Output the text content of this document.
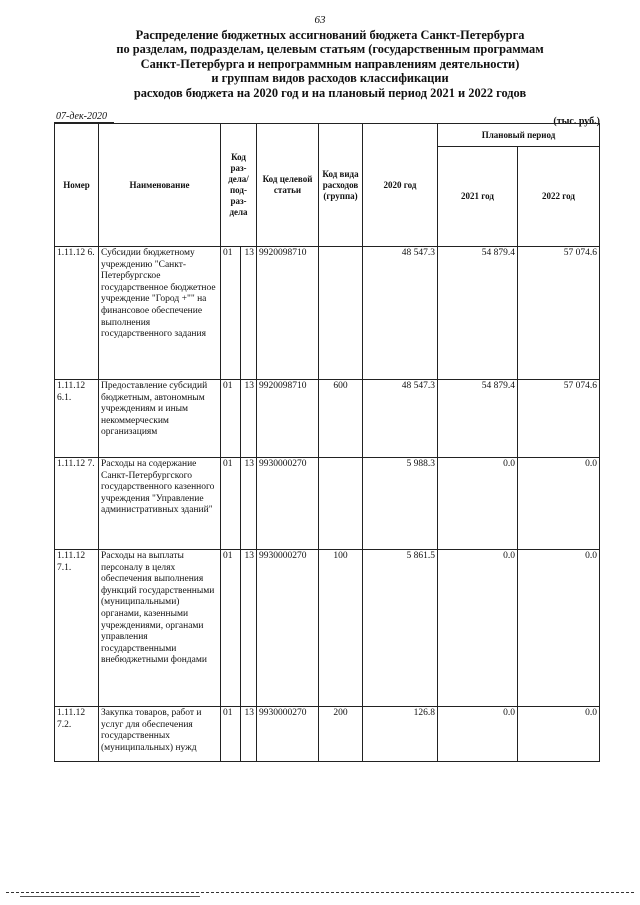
63
Распределение бюджетных ассигнований бюджета Санкт-Петербурга
по разделам, подразделам, целевым статьям (государственным программам
Санкт-Петербурга и непрограммным направлениям деятельности)
и группам видов расходов классификации
расходов бюджета на 2020 год и на плановый период 2021 и 2022 годов
07-дек-2020	(тыс. руб.)
Номер	Наименование	Код раз- дела/ под- раз- дела		Код целевой статьи	Код вида расходов (группа)	2020 год	Плановый период	
							2021 год	2022 год
1.11.12 6.	Субсидии бюджетному учреждению "Санкт-Петербургское государственное бюджетное учреждение "Город +"" на финансовое обеспечение выполнения государственного задания	01	13	9920098710		48 547.3	54 879.4	57 074.6
1.11.12 6.1.	Предоставление субсидий бюджетным, автономным учреждениям и иным некоммерческим организациям	01	13	9920098710	600	48 547.3	54 879.4	57 074.6
1.11.12 7.	Расходы на содержание Санкт-Петербургского государственного казенного учреждения "Управление административных зданий"	01	13	9930000270		5 988.3	0.0	0.0
1.11.12 7.1.	Расходы на выплаты персоналу в целях обеспечения выполнения функций государственными (муниципальными) органами, казенными учреждениями, органами управления государственными внебюджетными фондами	01	13	9930000270	100	5 861.5	0.0	0.0
1.11.12 7.2.	Закупка товаров, работ и услуг для обеспечения государственных (муниципальных) нужд	01	13	9930000270	200	126.8	0.0	0.0
